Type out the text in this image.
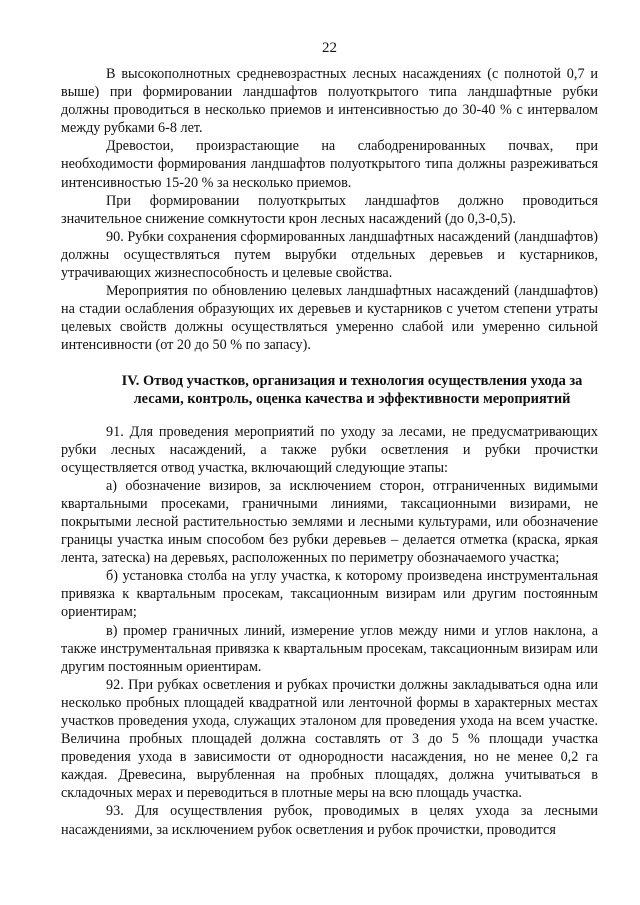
22

В высокополнотных средневозрастных лесных насаждениях (с полнотой 0,7 и выше) при формировании ландшафтов полуоткрытого типа ландшафтные рубки должны проводиться в несколько приемов и интенсивностью до 30-40 % с интервалом между рубками 6-8 лет.

Древостои, произрастающие на слабодренированных почвах, при необходимости формирования ландшафтов полуоткрытого типа должны разреживаться интенсивностью 15-20 % за несколько приемов.

При формировании полуоткрытых ландшафтов должно проводиться значительное снижение сомкнутости крон лесных насаждений (до 0,3-0,5).

90. Рубки сохранения сформированных ландшафтных насаждений (ландшафтов) должны осуществляться путем вырубки отдельных деревьев и кустарников, утрачивающих жизнеспособность и целевые свойства.

Мероприятия по обновлению целевых ландшафтных насаждений (ландшафтов) на стадии ослабления образующих их деревьев и кустарников с учетом степени утраты целевых свойств должны осуществляться умеренно слабой или умеренно сильной интенсивности (от 20 до 50 % по запасу).

IV. Отвод участков, организация и технология осуществления ухода за

лесами, контроль, оценка качества и эффективности мероприятий

91. Для проведения мероприятий по уходу за лесами, не предусматривающих рубки лесных насаждений, а также рубки осветления и рубки прочистки осуществляется отвод участка, включающий следующие этапы:

а) обозначение визиров, за исключением сторон, отграниченных видимыми квартальными просеками, граничными линиями, таксационными визирами, не покрытыми лесной растительностью землями и лесными культурами, или обозначение границы участка иным способом без рубки деревьев – делается отметка (краска, яркая лента, затеска) на деревьях, расположенных по периметру обозначаемого участка;

б) установка столба на углу участка, к которому произведена инструментальная привязка к квартальным просекам, таксационным визирам или другим постоянным ориентирам;

в) промер граничных линий, измерение углов между ними и углов наклона, а также инструментальная привязка к квартальным просекам, таксационным визирам или другим постоянным ориентирам.

92. При рубках осветления и рубках прочистки должны закладываться одна или несколько пробных площадей квадратной или ленточной формы в характерных местах участков проведения ухода, служащих эталоном для проведения ухода на всем участке. Величина пробных площадей должна составлять от 3 до 5 % площади участка проведения ухода в зависимости от однородности насаждения, но не менее 0,2 га каждая. Древесина, вырубленная на пробных площадях, должна учитываться в складочных мерах и переводиться в плотные меры на всю площадь участка.

93. Для осуществления рубок, проводимых в целях ухода за лесными насаждениями, за исключением рубок осветления и рубок прочистки, проводится
